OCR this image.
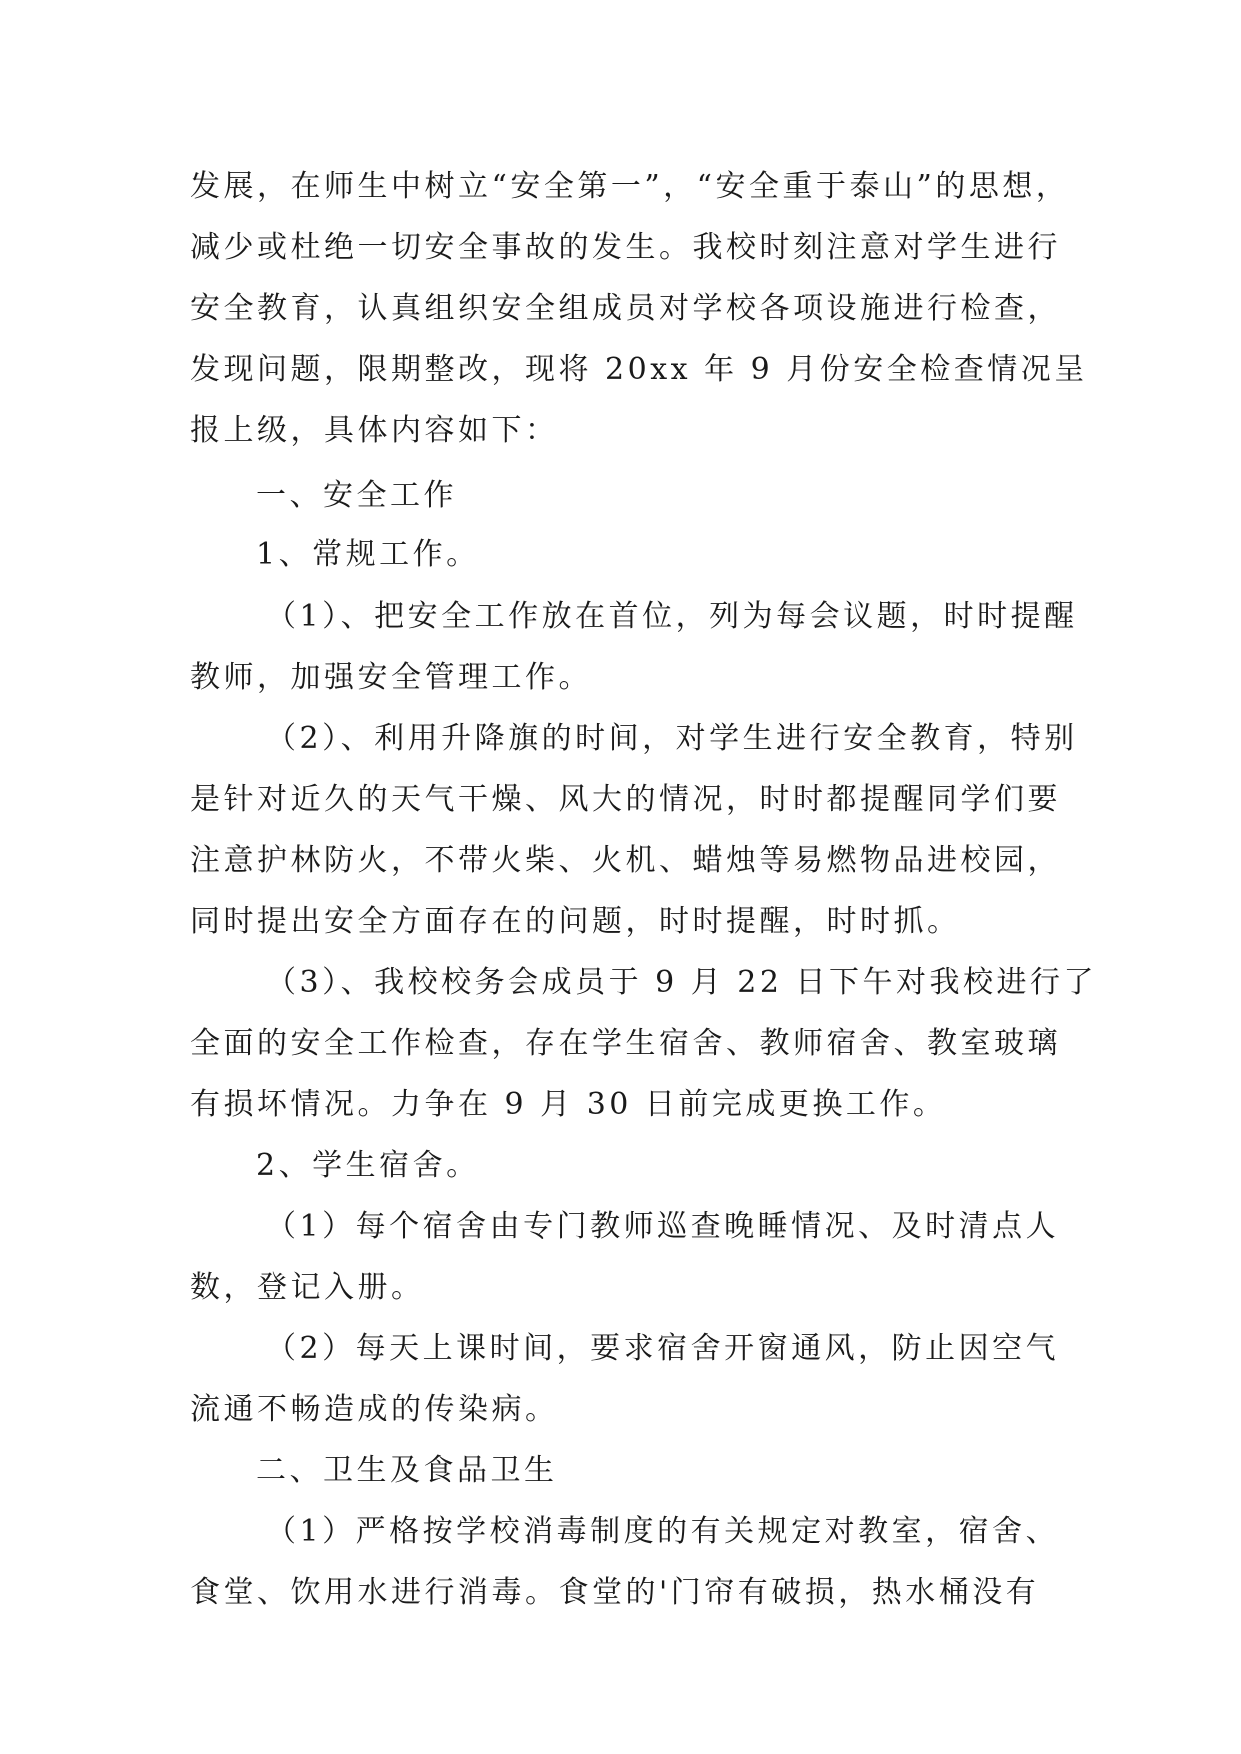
发展，在师生中树立“安全第一”，“安全重于泰山”的思想，
减少或杜绝一切安全事故的发生。我校时刻注意对学生进行
安全教育，认真组织安全组成员对学校各项设施进行检查，
发现问题，限期整改，现将 20xx 年 9 月份安全检查情况呈
报上级，具体内容如下：
一、安全工作
1、常规工作。
（1）、把安全工作放在首位，列为每会议题，时时提醒
教师，加强安全管理工作。
（2）、利用升降旗的时间，对学生进行安全教育，特别
是针对近久的天气干燥、风大的情况，时时都提醒同学们要
注意护林防火，不带火柴、火机、蜡烛等易燃物品进校园，
同时提出安全方面存在的问题，时时提醒，时时抓。
（3）、我校校务会成员于 9 月 22 日下午对我校进行了
全面的安全工作检查，存在学生宿舍、教师宿舍、教室玻璃
有损坏情况。力争在 9 月 30 日前完成更换工作。
2、学生宿舍。
（1）每个宿舍由专门教师巡查晚睡情况、及时清点人
数，登记入册。
（2）每天上课时间，要求宿舍开窗通风，防止因空气
流通不畅造成的传染病。
二、卫生及食品卫生
（1）严格按学校消毒制度的有关规定对教室，宿舍、
食堂、饮用水进行消毒。食堂的'门帘有破损，热水桶没有
